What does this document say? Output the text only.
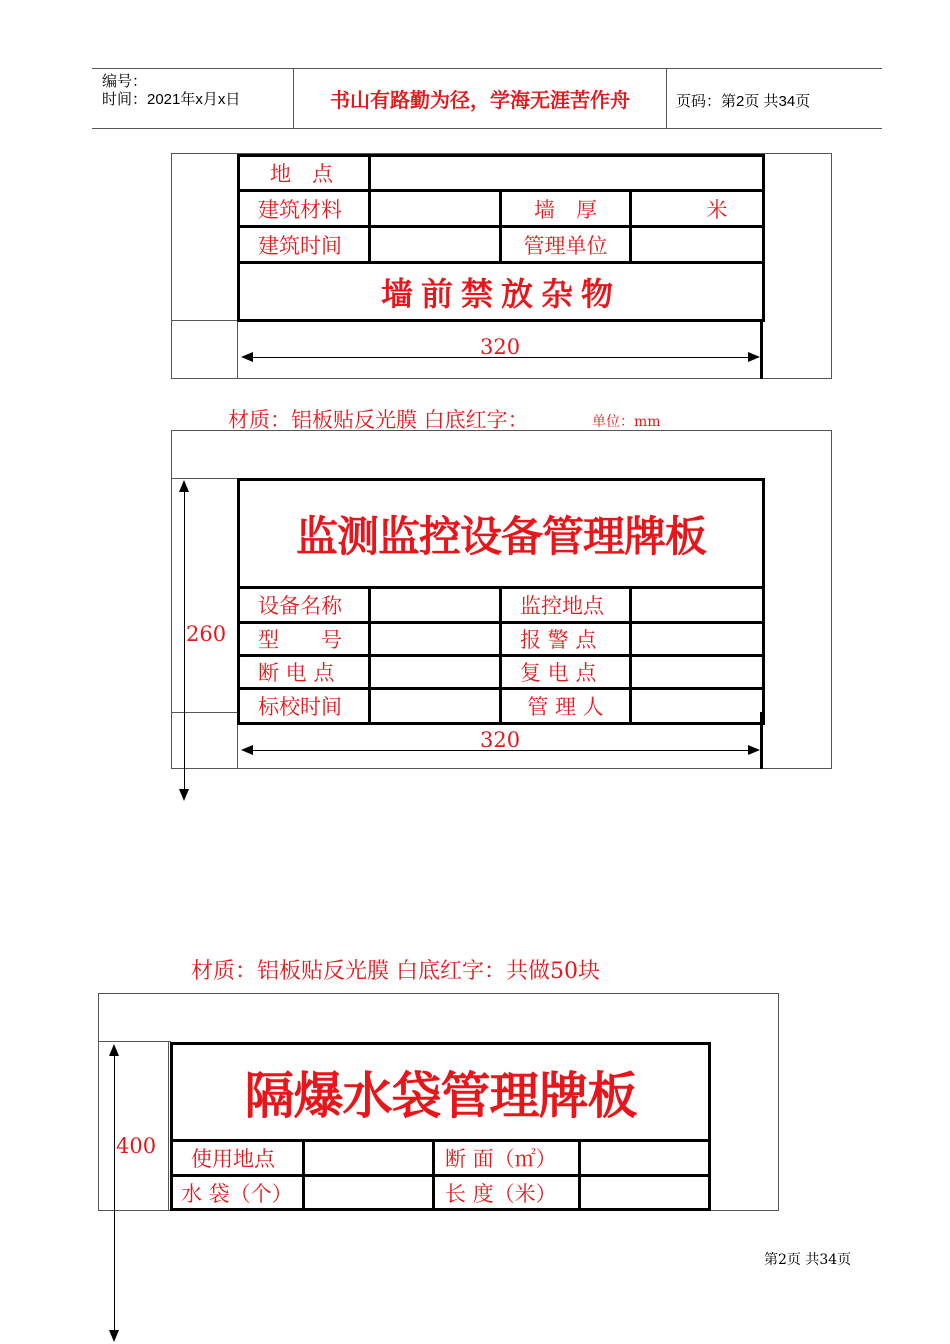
编号：
时间：2021年x月x日	书山有路勤为径，学海无涯苦作舟	页码：第2页 共34页
地　点			
建筑材料		墙　厚	米
建筑时间		管理单位	
墙前禁放杂物			
320
材质：铝板贴反光膜 白底红字：	单位：mm
监测监控设备管理牌板			
设备名称		监控地点	
型　　号		报 警 点	
断 电 点		复 电 点	
标校时间		管 理 人	
260
320
材质：铝板贴反光膜 白底红字：共做50块
隔爆水袋管理牌板			
使用地点		断 面（㎡）	
水 袋（个）		长 度（米）	
400
第2页 共34页
